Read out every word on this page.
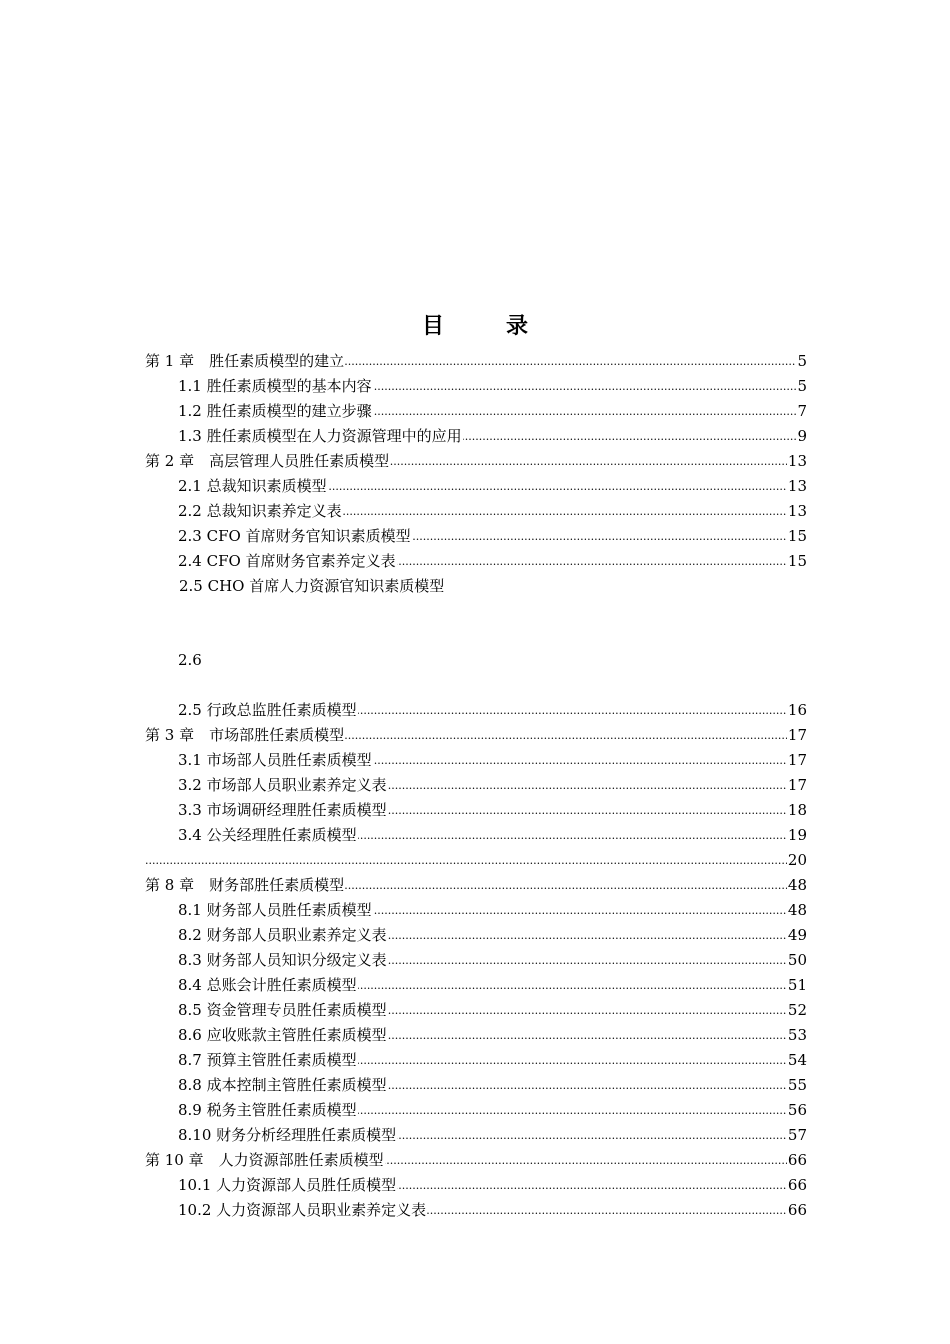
目　录
.....
第 1 章　胜任素质模型的建立	5
.....
1.1 胜任素质模型的基本内容	5
.....
1.2 胜任素质模型的建立步骤	7
.....
1.3 胜任素质模型在人力资源管理中的应用	9
.....
第 2 章　高层管理人员胜任素质模型	13
.....
2.1 总裁知识素质模型	13
.....
2.2 总裁知识素养定义表	13
.....
2.3 CFO 首席财务官知识素质模型	15
.....
2.4 CFO 首席财务官素养定义表	15
2.5 CHO 首席人力资源官知识素质模型
2.6
.....
2.5 行政总监胜任素质模型	16
.....
第 3 章　市场部胜任素质模型	17
.....
3.1 市场部人员胜任素质模型	17
.....
3.2 市场部人员职业素养定义表	17
.....
3.3 市场调研经理胜任素质模型	18
.....
3.4 公关经理胜任素质模型	19
.....
20
.....
第 8 章　财务部胜任素质模型	48
.....
8.1 财务部人员胜任素质模型	48
.....
8.2 财务部人员职业素养定义表	49
.....
8.3 财务部人员知识分级定义表	50
.....
8.4 总账会计胜任素质模型	51
.....
8.5 资金管理专员胜任素质模型	52
.....
8.6 应收账款主管胜任素质模型	53
.....
8.7 预算主管胜任素质模型	54
.....
8.8 成本控制主管胜任素质模型	55
.....
8.9 税务主管胜任素质模型	56
.....
8.10 财务分析经理胜任素质模型	57
.....
第 10 章　人力资源部胜任素质模型	66
.....
10.1 人力资源部人员胜任质模型	66
.....
10.2 人力资源部人员职业素养定义表	66
